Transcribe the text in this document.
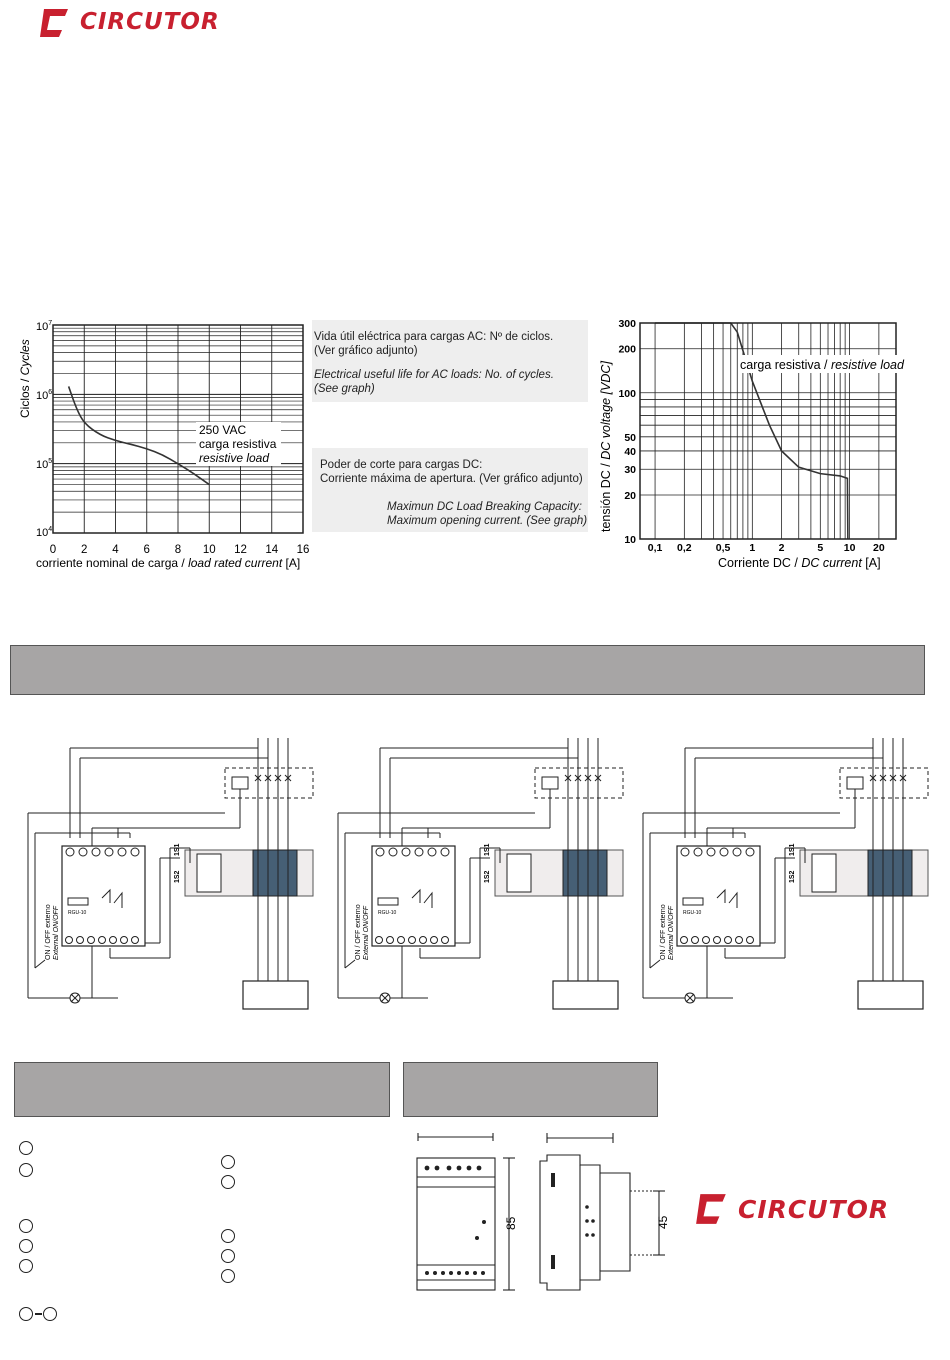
CIRCUTOR
$10^7$
$10^6$
$10^5$
$10^4$
0 2 4 6 8 10 12 14 16
Ciclos / Cycles
corriente nominal de carga / load rated current [A]
250 VAC
carga resistiva
resistive load
Vida útil eléctrica para cargas AC: Nº de ciclos.
(Ver gráfico adjunto)
Electrical useful life for AC loads: No. of cycles.
(See graph)
Poder de corte para cargas DC:
Corriente máxima de apertura. (Ver gráfico adjunto)
Maximun DC Load Breaking Capacity:
Maximum opening current. (See graph)
300
200
100
50
40
30
20
10
0,1 0,2 0,5 1 2	5 10 20
tensión DC / DC voltage [VDC]
Corriente DC / DC current [A]
carga resistiva / resistive load
ON / OFF externo External ON/OFF RGU-10
1S1
1S2
ON / OFF externo External ON/OFF RGU-10
1S1
1S2
ON / OFF externo External ON/OFF RGU-10
1S1
1S2
85	45	CIRCUTOR
